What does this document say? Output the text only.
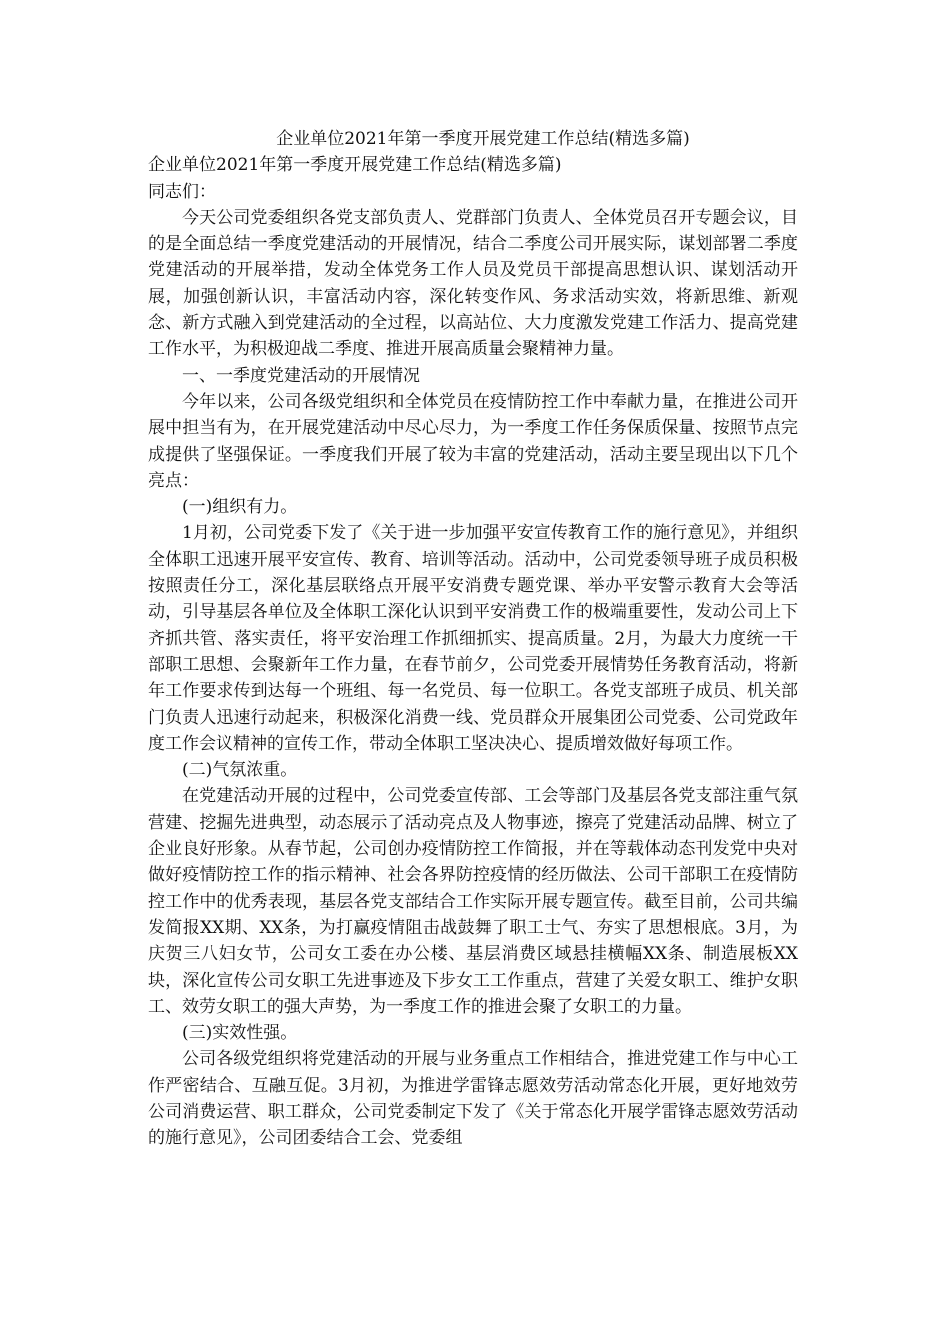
企业单位2021年第一季度开展党建工作总结(精选多篇)

企业单位2021年第一季度开展党建工作总结(精选多篇)

同志们：

今天公司党委组织各党支部负责人、党群部门负责人、全体党员召开专题会议，目的是全面总结一季度党建活动的开展情况，结合二季度公司开展实际，谋划部署二季度党建活动的开展举措，发动全体党务工作人员及党员干部提高思想认识、谋划活动开展，加强创新认识，丰富活动内容，深化转变作风、务求活动实效，将新思维、新观念、新方式融入到党建活动的全过程，以高站位、大力度激发党建工作活力、提高党建工作水平，为积极迎战二季度、推进开展高质量会聚精神力量。

一、一季度党建活动的开展情况

今年以来，公司各级党组织和全体党员在疫情防控工作中奉献力量，在推进公司开展中担当有为，在开展党建活动中尽心尽力，为一季度工作任务保质保量、按照节点完成提供了坚强保证。一季度我们开展了较为丰富的党建活动，活动主要呈现出以下几个亮点：

(一)组织有力。

1月初，公司党委下发了《关于进一步加强平安宣传教育工作的施行意见》，并组织全体职工迅速开展平安宣传、教育、培训等活动。活动中，公司党委领导班子成员积极按照责任分工，深化基层联络点开展平安消费专题党课、举办平安警示教育大会等活动，引导基层各单位及全体职工深化认识到平安消费工作的极端重要性，发动公司上下齐抓共管、落实责任，将平安治理工作抓细抓实、提高质量。2月，为最大力度统一干部职工思想、会聚新年工作力量，在春节前夕，公司党委开展情势任务教育活动，将新年工作要求传到达每一个班组、每一名党员、每一位职工。各党支部班子成员、机关部门负责人迅速行动起来，积极深化消费一线、党员群众开展集团公司党委、公司党政年度工作会议精神的宣传工作，带动全体职工坚决决心、提质增效做好每项工作。

(二)气氛浓重。

在党建活动开展的过程中，公司党委宣传部、工会等部门及基层各党支部注重气氛营建、挖掘先进典型，动态展示了活动亮点及人物事迹，擦亮了党建活动品牌、树立了企业良好形象。从春节起，公司创办疫情防控工作简报，并在等载体动态刊发党中央对做好疫情防控工作的指示精神、社会各界防控疫情的经历做法、公司干部职工在疫情防控工作中的优秀表现，基层各党支部结合工作实际开展专题宣传。截至目前，公司共编发简报XX期、XX条，为打赢疫情阻击战鼓舞了职工士气、夯实了思想根底。3月，为庆贺三八妇女节，公司女工委在办公楼、基层消费区域悬挂横幅XX条、制造展板XX块，深化宣传公司女职工先进事迹及下步女工工作重点，营建了关爱女职工、维护女职工、效劳女职工的强大声势，为一季度工作的推进会聚了女职工的力量。

(三)实效性强。

公司各级党组织将党建活动的开展与业务重点工作相结合，推进党建工作与中心工作严密结合、互融互促。3月初，为推进学雷锋志愿效劳活动常态化开展，更好地效劳公司消费运营、职工群众，公司党委制定下发了《关于常态化开展学雷锋志愿效劳活动的施行意见》，公司团委结合工会、党委组
